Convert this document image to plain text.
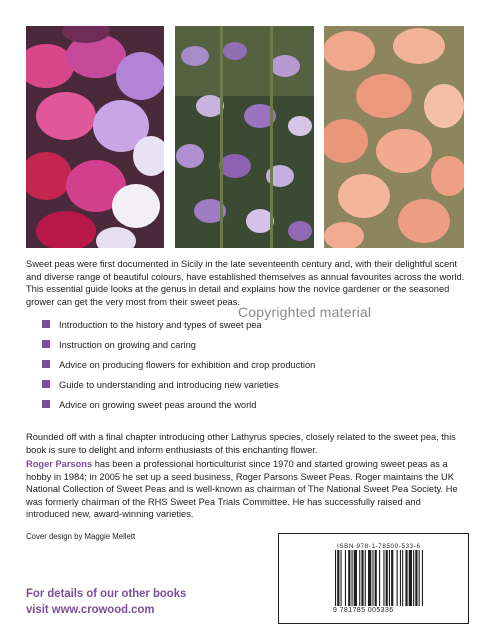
Sweet peas were first documented in Sicily in the late seventeenth century and, with their delightful scent and diverse range of beautiful colours, have established themselves as annual favourites across the world. This essential guide looks at the genus in detail and explains how the novice gardener or the seasoned grower can get the very most from their sweet peas.
Copyrighted material
Introduction to the history and types of sweet pea
Instruction on growing and caring
Advice on producing flowers for exhibition and crop production
Guide to understanding and introducing new varieties
Advice on growing sweet peas around the world
Rounded off with a final chapter introducing other Lathyrus species, closely related to the sweet pea, this book is sure to delight and inform enthusiasts of this enchanting flower.
Roger Parsons has been a professional horticulturist since 1970 and started growing sweet peas as a hobby in 1984; in 2005 he set up a seed business, Roger Parsons Sweet Peas. Roger maintains the UK National Collection of Sweet Peas and is well-known as chairman of The National Sweet Pea Society. He was formerly chairman of the RHS Sweet Pea Trials Committee. He has successfully raised and introduced new, award-winning varieties.
Cover design by Maggie Mellett
For details of our other books
visit www.crowood.com
ISBN 978-1-78500-533-6
9 781785 005336
